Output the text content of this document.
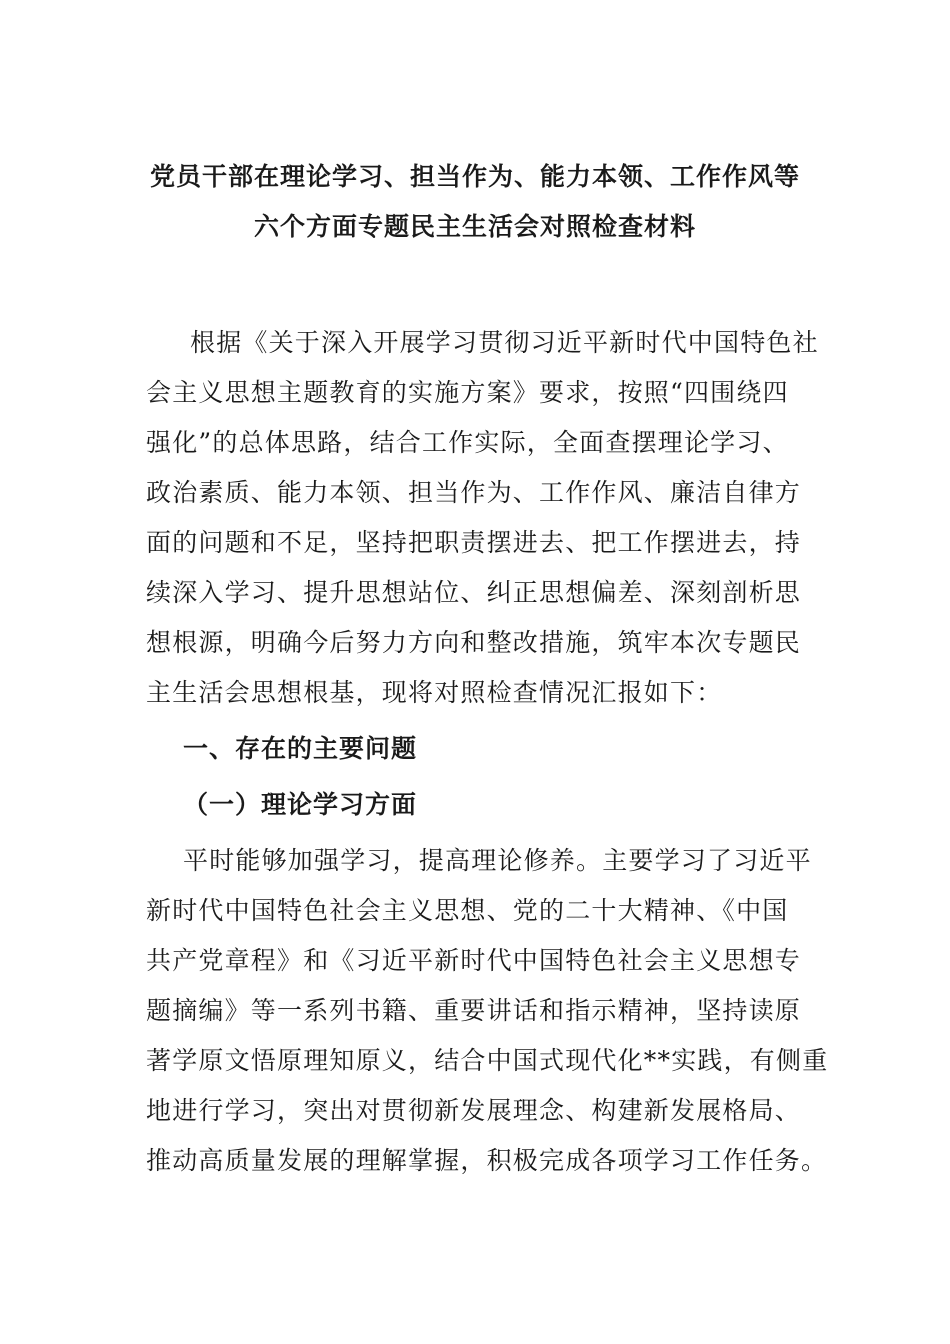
党员干部在理论学习、担当作为、能力本领、工作作风等
六个方面专题民主生活会对照检查材料
根据《关于深入开展学习贯彻习近平新时代中国特色社
会主义思想主题教育的实施方案》要求，按照“四围绕四
强化”的总体思路，结合工作实际，全面查摆理论学习、
政治素质、能力本领、担当作为、工作作风、廉洁自律方
面的问题和不足，坚持把职责摆进去、把工作摆进去，持
续深入学习、提升思想站位、纠正思想偏差、深刻剖析思
想根源，明确今后努力方向和整改措施，筑牢本次专题民
主生活会思想根基，现将对照检查情况汇报如下：
一、存在的主要问题
（一）理论学习方面
平时能够加强学习，提高理论修养。主要学习了习近平
新时代中国特色社会主义思想、党的二十大精神、《中国
共产党章程》和《习近平新时代中国特色社会主义思想专
题摘编》等一系列书籍、重要讲话和指示精神，坚持读原
著学原文悟原理知原义，结合中国式现代化**实践，有侧重
地进行学习，突出对贯彻新发展理念、构建新发展格局、
推动高质量发展的理解掌握，积极完成各项学习工作任务。
